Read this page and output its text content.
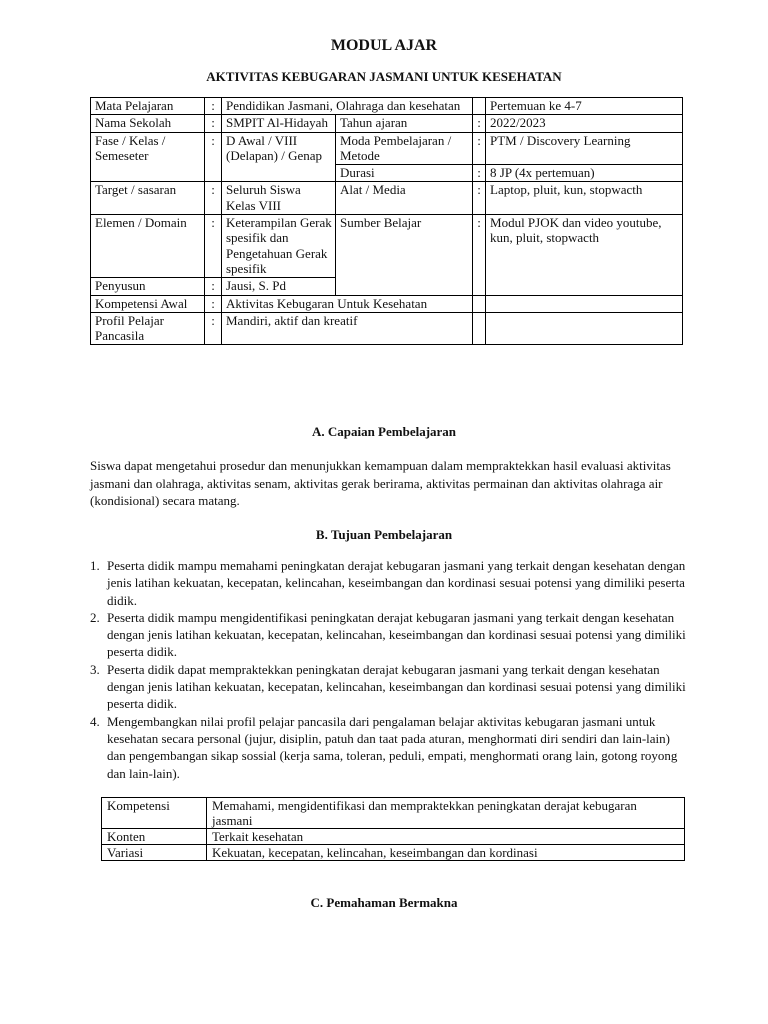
MODUL AJAR
AKTIVITAS KEBUGARAN JASMANI UNTUK KESEHATAN
Mata Pelajaran	:	Pendidikan Jasmani, Olahraga dan kesehatan			Pertemuan ke 4-7
Nama Sekolah	:	SMPIT Al-Hidayah	Tahun ajaran	:	2022/2023
Fase / Kelas / Semeseter	:	D Awal / VIII (Delapan) / Genap	Moda Pembelajaran / Metode	:	PTM / Discovery Learning
			Durasi	:	8 JP (4x pertemuan)
Target / sasaran	:	Seluruh Siswa Kelas VIII	Alat / Media	:	Laptop, pluit, kun, stopwacth
Elemen / Domain	:	Keterampilan Gerak spesifik dan Pengetahuan Gerak spesifik	Sumber Belajar	:	Modul PJOK dan video youtube, kun, pluit, stopwacth
Penyusun	:	Jausi, S. Pd			
Kompetensi Awal	:	Aktivitas Kebugaran Untuk Kesehatan			
Profil Pelajar Pancasila	:	Mandiri, aktif dan kreatif			
A. Capaian Pembelajaran
Siswa dapat mengetahui prosedur dan menunjukkan kemampuan dalam mempraktekkan hasil evaluasi aktivitas jasmani dan olahraga, aktivitas senam, aktivitas gerak berirama, aktivitas permainan dan aktivitas olahraga air (kondisional) secara matang.
B. Tujuan Pembelajaran
1. Peserta didik mampu memahami peningkatan derajat kebugaran jasmani yang terkait dengan kesehatan dengan jenis latihan kekuatan, kecepatan, kelincahan, keseimbangan dan kordinasi sesuai potensi yang dimiliki peserta didik.
2. Peserta didik mampu mengidentifikasi peningkatan derajat kebugaran jasmani yang terkait dengan kesehatan dengan jenis latihan kekuatan, kecepatan, kelincahan, keseimbangan dan kordinasi sesuai potensi yang dimiliki peserta didik.
3. Peserta didik dapat mempraktekkan peningkatan derajat kebugaran jasmani yang terkait dengan kesehatan dengan jenis latihan kekuatan, kecepatan, kelincahan, keseimbangan dan kordinasi sesuai potensi yang dimiliki peserta didik.
4. Mengembangkan nilai profil pelajar pancasila dari pengalaman belajar aktivitas kebugaran jasmani untuk kesehatan secara personal (jujur, disiplin, patuh dan taat pada aturan, menghormati diri sendiri dan lain-lain) dan pengembangan sikap sossial (kerja sama, toleran, peduli, empati, menghormati orang lain, gotong royong dan lain-lain).
Kompetensi	Memahami, mengidentifikasi dan mempraktekkan peningkatan derajat kebugaran jasmani
Konten	Terkait kesehatan
Variasi	Kekuatan, kecepatan, kelincahan, keseimbangan dan kordinasi
C. Pemahaman Bermakna
